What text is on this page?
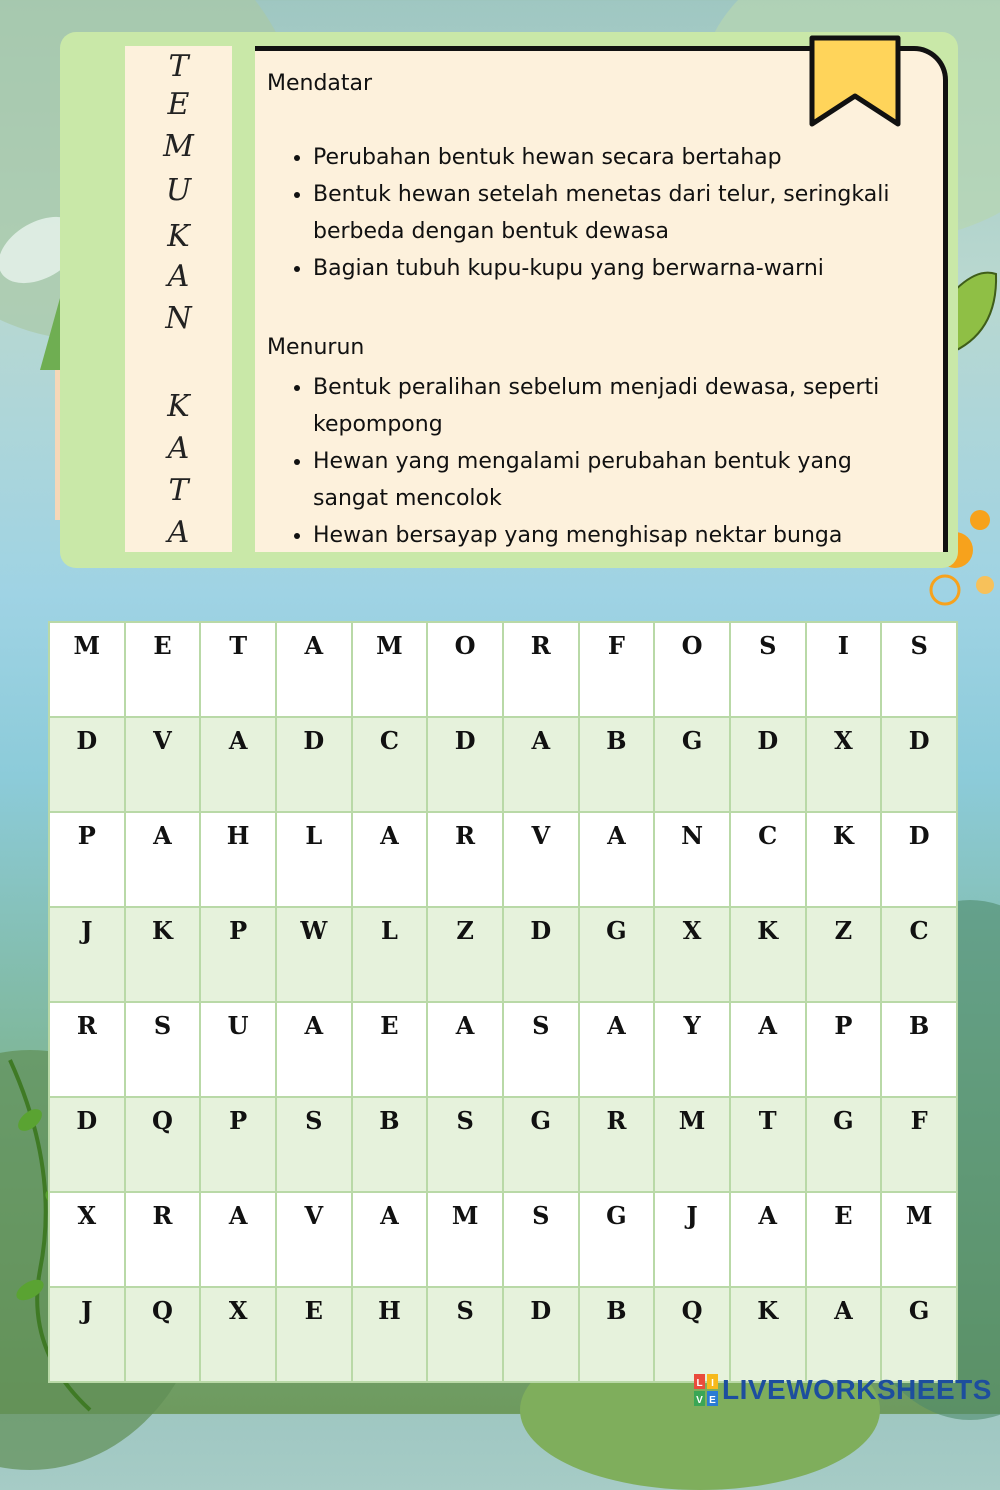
T
E
M
U
K
A
N
K
A
T
A
Mendatar
• Perubahan bentuk hewan secara bertahap
• Bentuk hewan setelah menetas dari telur, seringkali berbeda dengan bentuk dewasa
• Bagian tubuh kupu-kupu yang berwarna-warni
Menurun
• Bentuk peralihan sebelum menjadi dewasa, seperti kepompong
• Hewan yang mengalami perubahan bentuk yang sangat mencolok
• Hewan bersayap yang menghisap nektar bunga
M	E	T	A	M	O	R	F	O	S	I	S
D	V	A	D	C	D	A	B	G	D	X	D
P	A	H	L	A	R	V	A	N	C	K	D
J	K	P	W	L	Z	D	G	X	K	Z	C
R	S	U	A	E	A	S	A	Y	A	P	B
D	Q	P	S	B	S	G	R	M	T	G	F
X	R	A	V	A	M	S	G	J	A	E	M
J	Q	X	E	H	S	D	B	Q	K	A	G
L I
V E LIVEWORKSHEETS
